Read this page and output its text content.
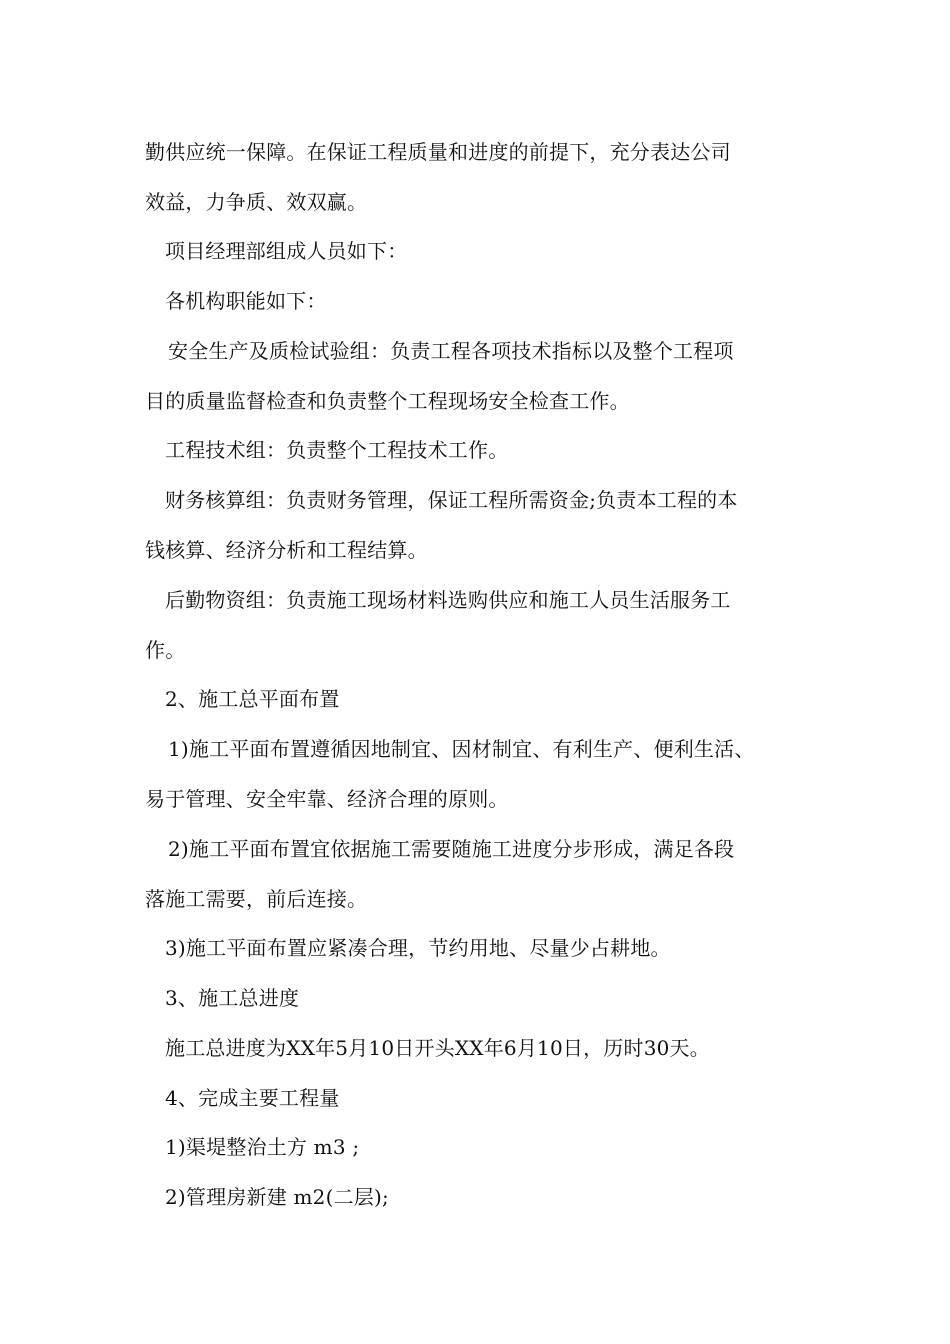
勤供应统一保障。在保证工程质量和进度的前提下，充分表达公司
效益，力争质、效双赢。
项目经理部组成人员如下：
各机构职能如下：
安全生产及质检试验组：负责工程各项技术指标以及整个工程项
目的质量监督检查和负责整个工程现场安全检查工作。
工程技术组：负责整个工程技术工作。
财务核算组：负责财务管理，保证工程所需资金;负责本工程的本
钱核算、经济分析和工程结算。
后勤物资组：负责施工现场材料选购供应和施工人员生活服务工
作。
2、施工总平面布置
1)施工平面布置遵循因地制宜、因材制宜、有利生产、便利生活、
易于管理、安全牢靠、经济合理的原则。
2)施工平面布置宜依据施工需要随施工进度分步形成，满足各段
落施工需要，前后连接。
3)施工平面布置应紧凑合理，节约用地、尽量少占耕地。
3、施工总进度
施工总进度为XX年5月10日开头XX年6月10日，历时30天。
4、完成主要工程量
1)渠堤整治土方 m3 ;
2)管理房新建 m2(二层);
